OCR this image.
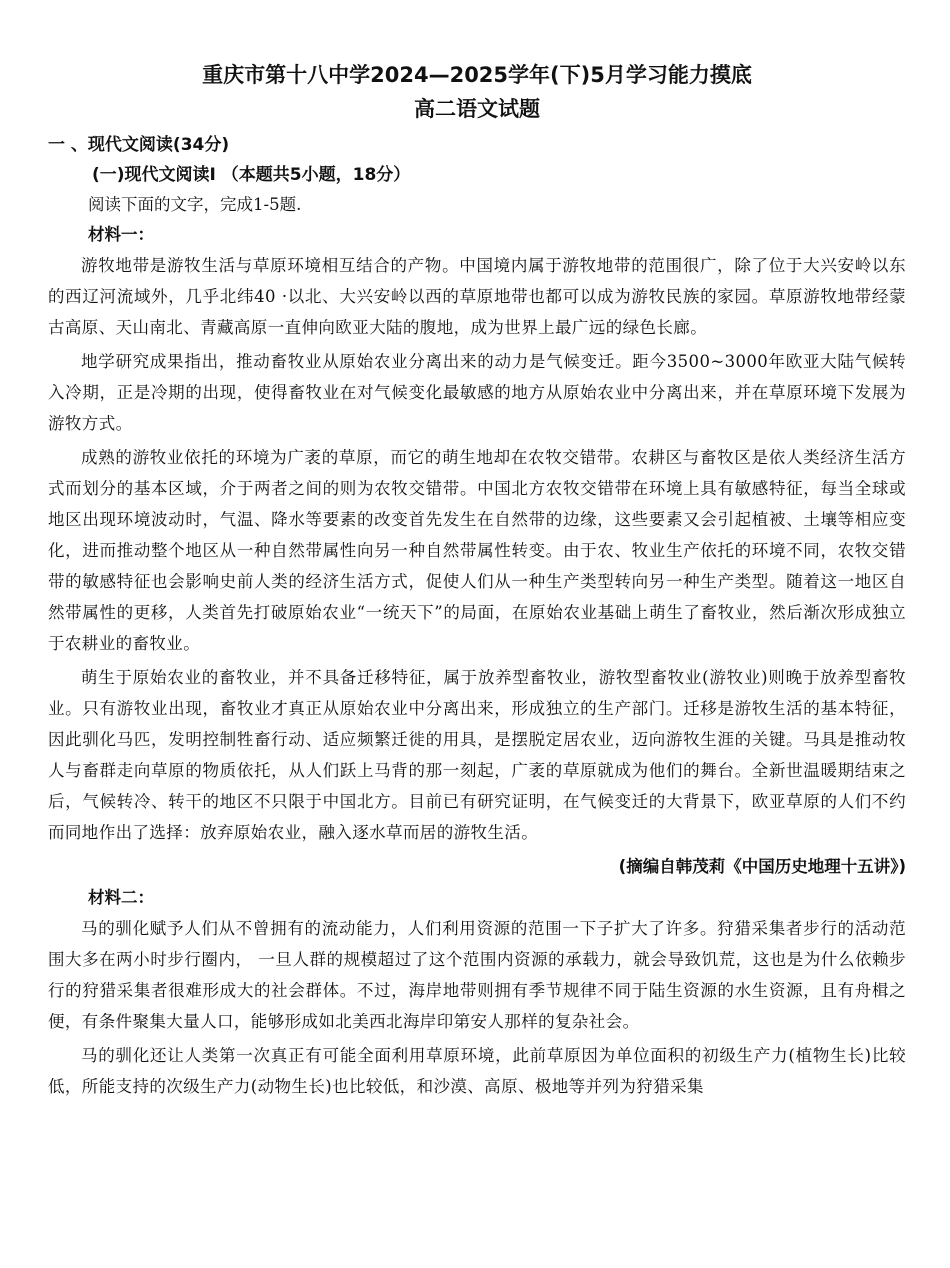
重庆市第十八中学2024—2025学年(下)5月学习能力摸底
高二语文试题
一 、现代文阅读(34分)
(一)现代文阅读I （本题共5小题，18分）
阅读下面的文字，完成1-5题.
材料一：

游牧地带是游牧生活与草原环境相互结合的产物。中国境内属于游牧地带的范围很广，除了位于大兴安岭以东的西辽河流域外，几乎北纬40 ·以北、大兴安岭以西的草原地带也都可以成为游牧民族的家园。草原游牧地带经蒙古高原、天山南北、青藏高原一直伸向欧亚大陆的腹地，成为世界上最广远的绿色长廊。

地学研究成果指出，推动畜牧业从原始农业分离出来的动力是气候变迁。距今3500~3000年欧亚大陆气候转入冷期，正是冷期的出现，使得畜牧业在对气候变化最敏感的地方从原始农业中分离出来，并在草原环境下发展为游牧方式。

成熟的游牧业依托的环境为广袤的草原，而它的萌生地却在农牧交错带。农耕区与畜牧区是依人类经济生活方式而划分的基本区域，介于两者之间的则为农牧交错带。中国北方农牧交错带在环境上具有敏感特征，每当全球或地区出现环境波动时，气温、降水等要素的改变首先发生在自然带的边缘，这些要素又会引起植被、土壤等相应变化，进而推动整个地区从一种自然带属性向另一种自然带属性转变。由于农、牧业生产依托的环境不同，农牧交错带的敏感特征也会影响史前人类的经济生活方式，促使人们从一种生产类型转向另一种生产类型。随着这一地区自然带属性的更移，人类首先打破原始农业“一统天下”的局面，在原始农业基础上萌生了畜牧业，然后渐次形成独立于农耕业的畜牧业。

萌生于原始农业的畜牧业，并不具备迁移特征，属于放养型畜牧业，游牧型畜牧业(游牧业)则晚于放养型畜牧业。只有游牧业出现，畜牧业才真正从原始农业中分离出来，形成独立的生产部门。迁移是游牧生活的基本特征，因此驯化马匹，发明控制牲畜行动、适应频繁迁徙的用具，是摆脱定居农业，迈向游牧生涯的关键。马具是推动牧人与畜群走向草原的物质依托，从人们跃上马背的那一刻起，广袤的草原就成为他们的舞台。全新世温暖期结束之后，气候转冷、转干的地区不只限于中国北方。目前已有研究证明，在气候变迁的大背景下，欧亚草原的人们不约而同地作出了选择：放弃原始农业，融入逐水草而居的游牧生活。

(摘编自韩茂莉《中国历史地理十五讲》)
材料二：

马的驯化赋予人们从不曾拥有的流动能力，人们利用资源的范围一下子扩大了许多。狩猎采集者步行的活动范围大多在两小时步行圈内， 一旦人群的规模超过了这个范围内资源的承载力，就会导致饥荒，这也是为什么依赖步行的狩猎采集者很难形成大的社会群体。不过，海岸地带则拥有季节规律不同于陆生资源的水生资源，且有舟楫之便，有条件聚集大量人口，能够形成如北美西北海岸印第安人那样的复杂社会。

马的驯化还让人类第一次真正有可能全面利用草原环境，此前草原因为单位面积的初级生产力(植物生长)比较低，所能支持的次级生产力(动物生长)也比较低，和沙漠、高原、极地等并列为狩猎采集
